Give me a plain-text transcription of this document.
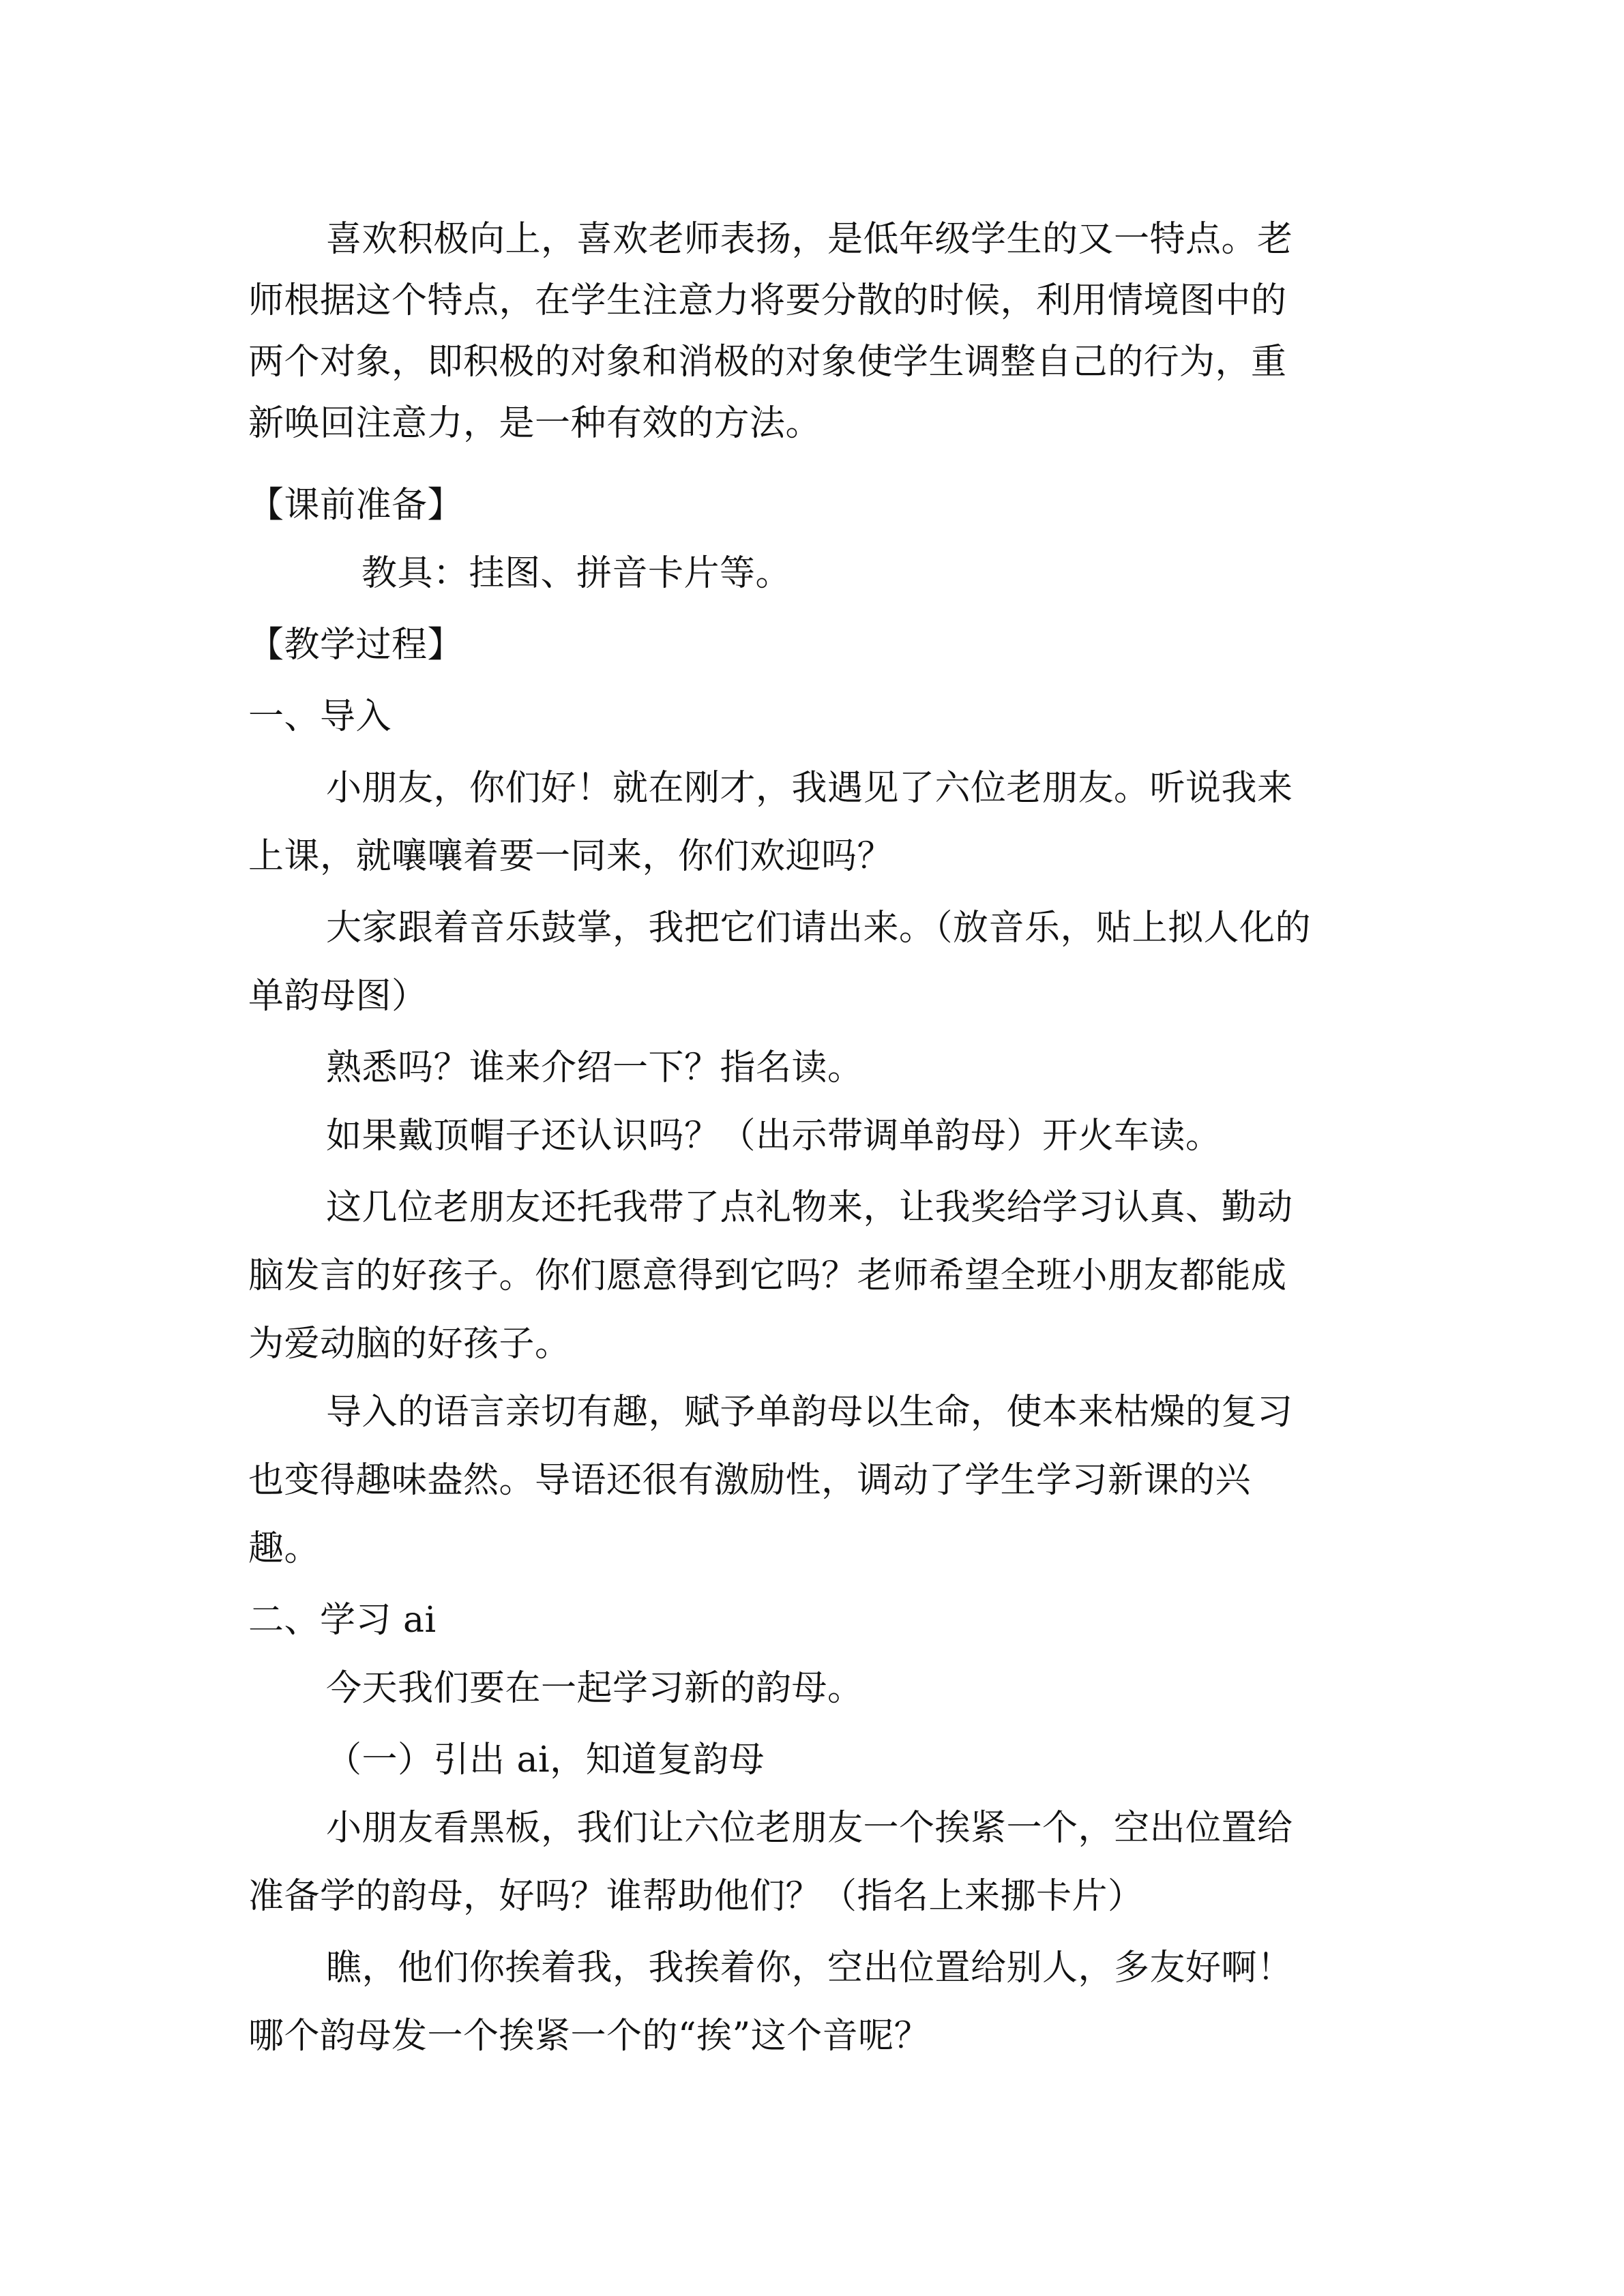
喜欢积极向上，喜欢老师表扬，是低年级学生的又一特点。老
师根据这个特点，在学生注意力将要分散的时候，利用情境图中的
两个对象，即积极的对象和消极的对象使学生调整自己的行为，重
新唤回注意力，是一种有效的方法。
【课前准备】
教具：挂图、拼音卡片等。
【教学过程】
一、导入
小朋友，你们好！就在刚才，我遇见了六位老朋友。听说我来
上课，就嚷嚷着要一同来，你们欢迎吗？
大家跟着音乐鼓掌，我把它们请出来。（放音乐，贴上拟人化的
单韵母图）
熟悉吗？谁来介绍一下？指名读。
如果戴顶帽子还认识吗？（出示带调单韵母）开火车读。
这几位老朋友还托我带了点礼物来，让我奖给学习认真、勤动
脑发言的好孩子。你们愿意得到它吗？老师希望全班小朋友都能成
为爱动脑的好孩子。
导入的语言亲切有趣，赋予单韵母以生命，使本来枯燥的复习
也变得趣味盎然。导语还很有激励性，调动了学生学习新课的兴
趣。
二、学习 ai
今天我们要在一起学习新的韵母。
（一）引出 ai，知道复韵母
小朋友看黑板，我们让六位老朋友一个挨紧一个，空出位置给
准备学的韵母，好吗？谁帮助他们？（指名上来挪卡片）
瞧，他们你挨着我，我挨着你，空出位置给别人，多友好啊！
哪个韵母发一个挨紧一个的“挨”这个音呢？
